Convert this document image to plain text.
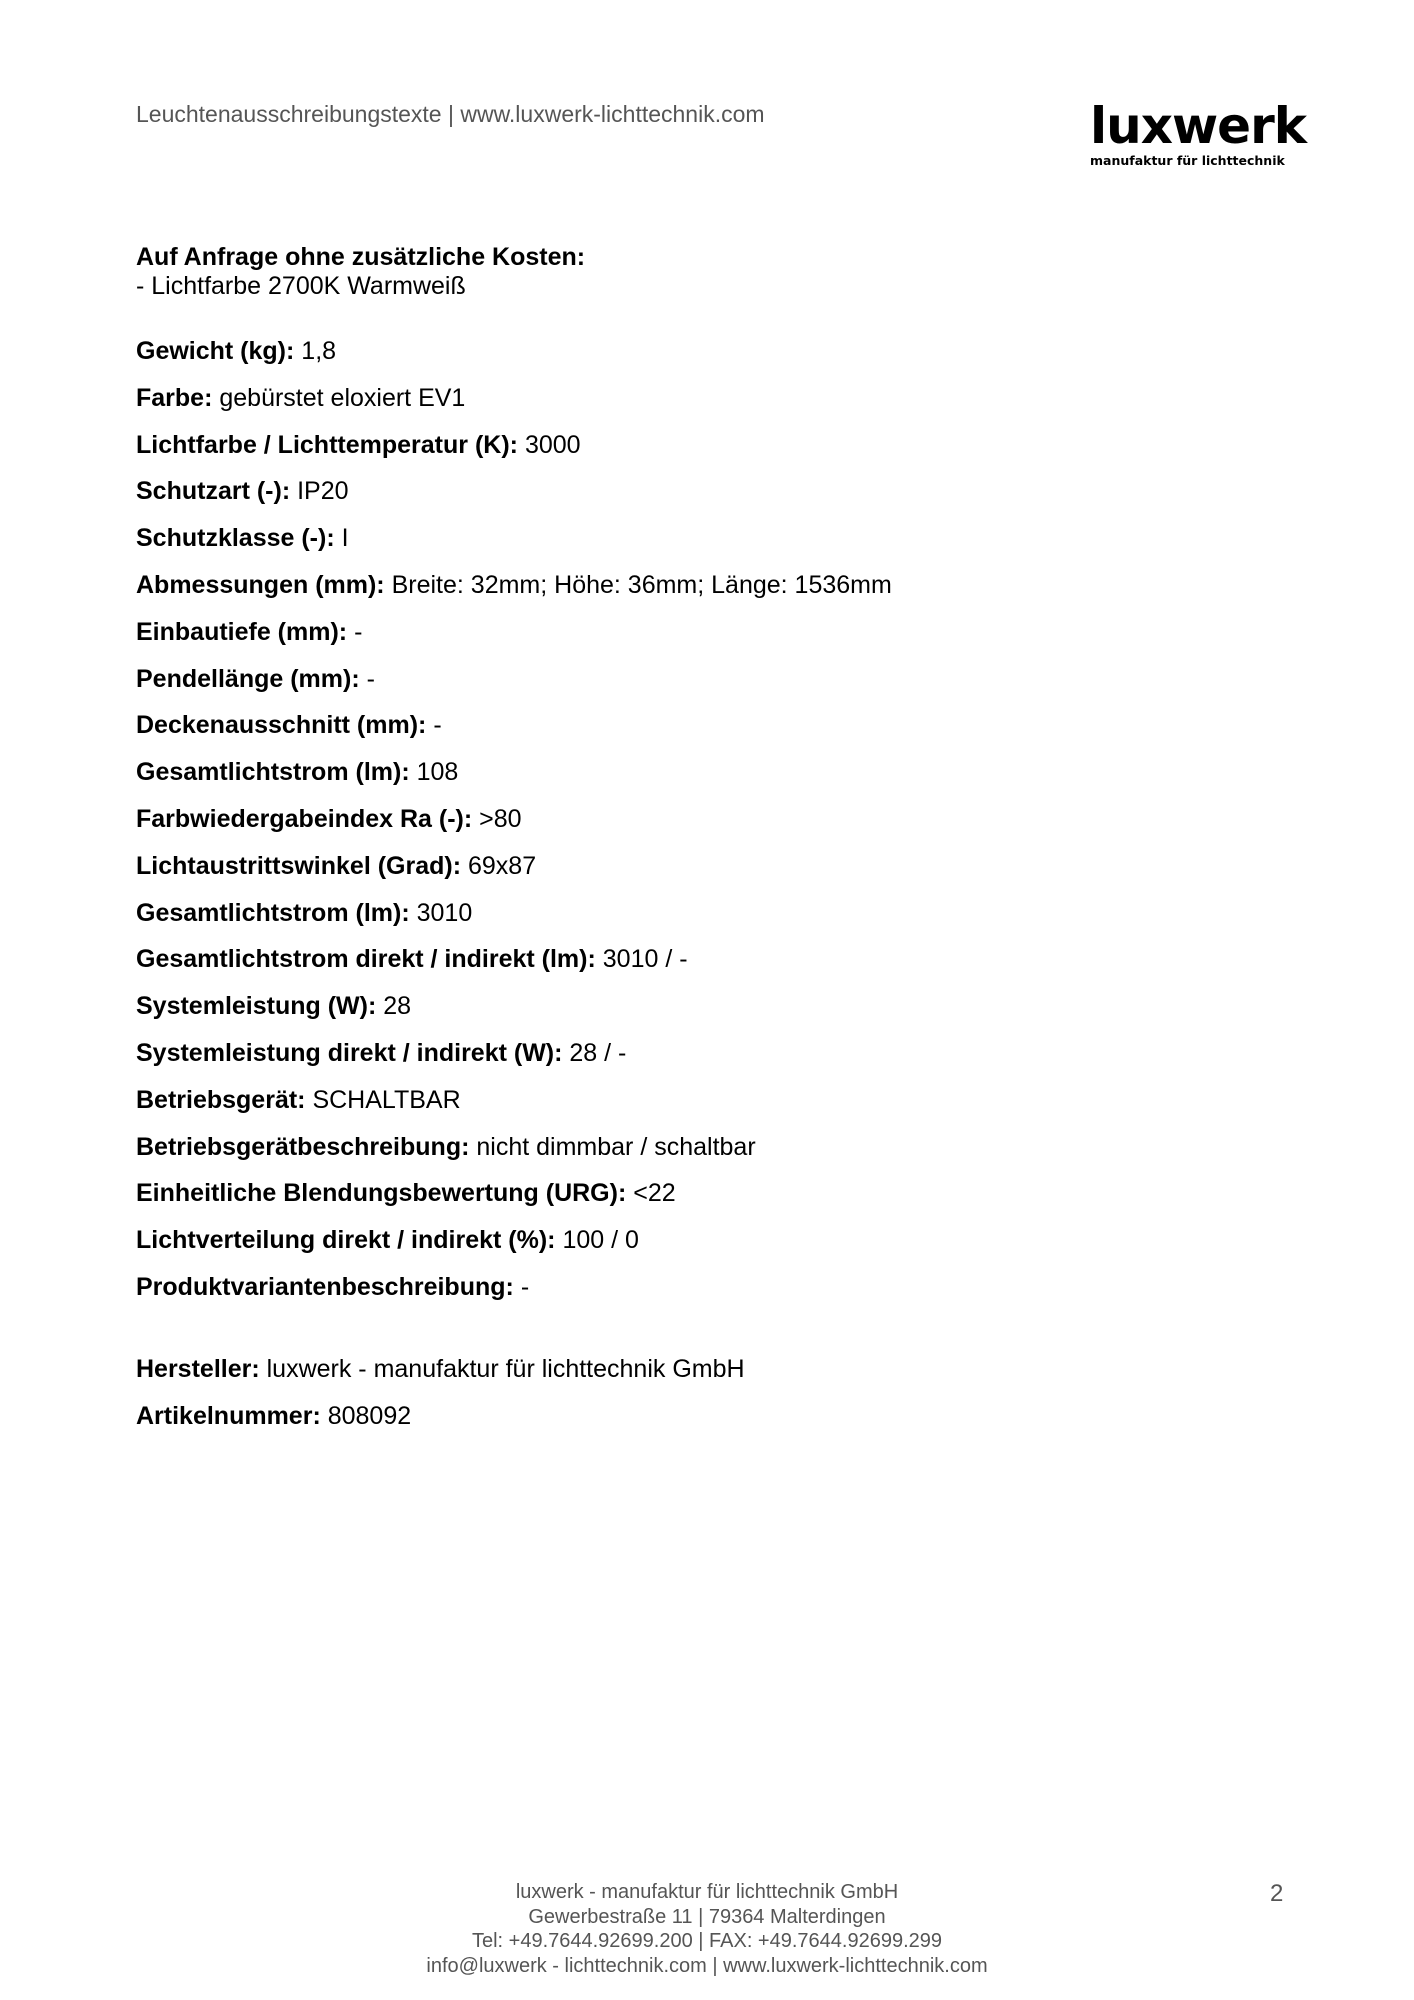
Leuchtenausschreibungstexte | www.luxwerk-lichttechnik.com	luxwerk
manufaktur für lichttechnik
Auf Anfrage ohne zusätzliche Kosten:
- Lichtfarbe 2700K Warmweiß
Gewicht (kg): 1,8
Farbe: gebürstet eloxiert EV1
Lichtfarbe / Lichttemperatur (K): 3000
Schutzart (-): IP20
Schutzklasse (-): I
Abmessungen (mm): Breite: 32mm; Höhe: 36mm; Länge: 1536mm
Einbautiefe (mm): -
Pendellänge (mm): -
Deckenausschnitt (mm): -
Gesamtlichtstrom (lm): 108
Farbwiedergabeindex Ra (-): >80
Lichtaustrittswinkel (Grad): 69x87
Gesamtlichtstrom (lm): 3010
Gesamtlichtstrom direkt / indirekt (lm): 3010 / -
Systemleistung (W): 28
Systemleistung direkt / indirekt (W): 28 / -
Betriebsgerät: SCHALTBAR
Betriebsgerätbeschreibung: nicht dimmbar / schaltbar
Einheitliche Blendungsbewertung (URG): <22
Lichtverteilung direkt / indirekt (%): 100 / 0
Produktvariantenbeschreibung: -
Hersteller: luxwerk - manufaktur für lichttechnik GmbH
Artikelnummer: 808092
luxwerk - manufaktur für lichttechnik GmbH
Gewerbestraße 11 | 79364 Malterdingen
Tel: +49.7644.92699.200 | FAX: +49.7644.92699.299
info@luxwerk - lichttechnik.com | www.luxwerk-lichttechnik.com
2
